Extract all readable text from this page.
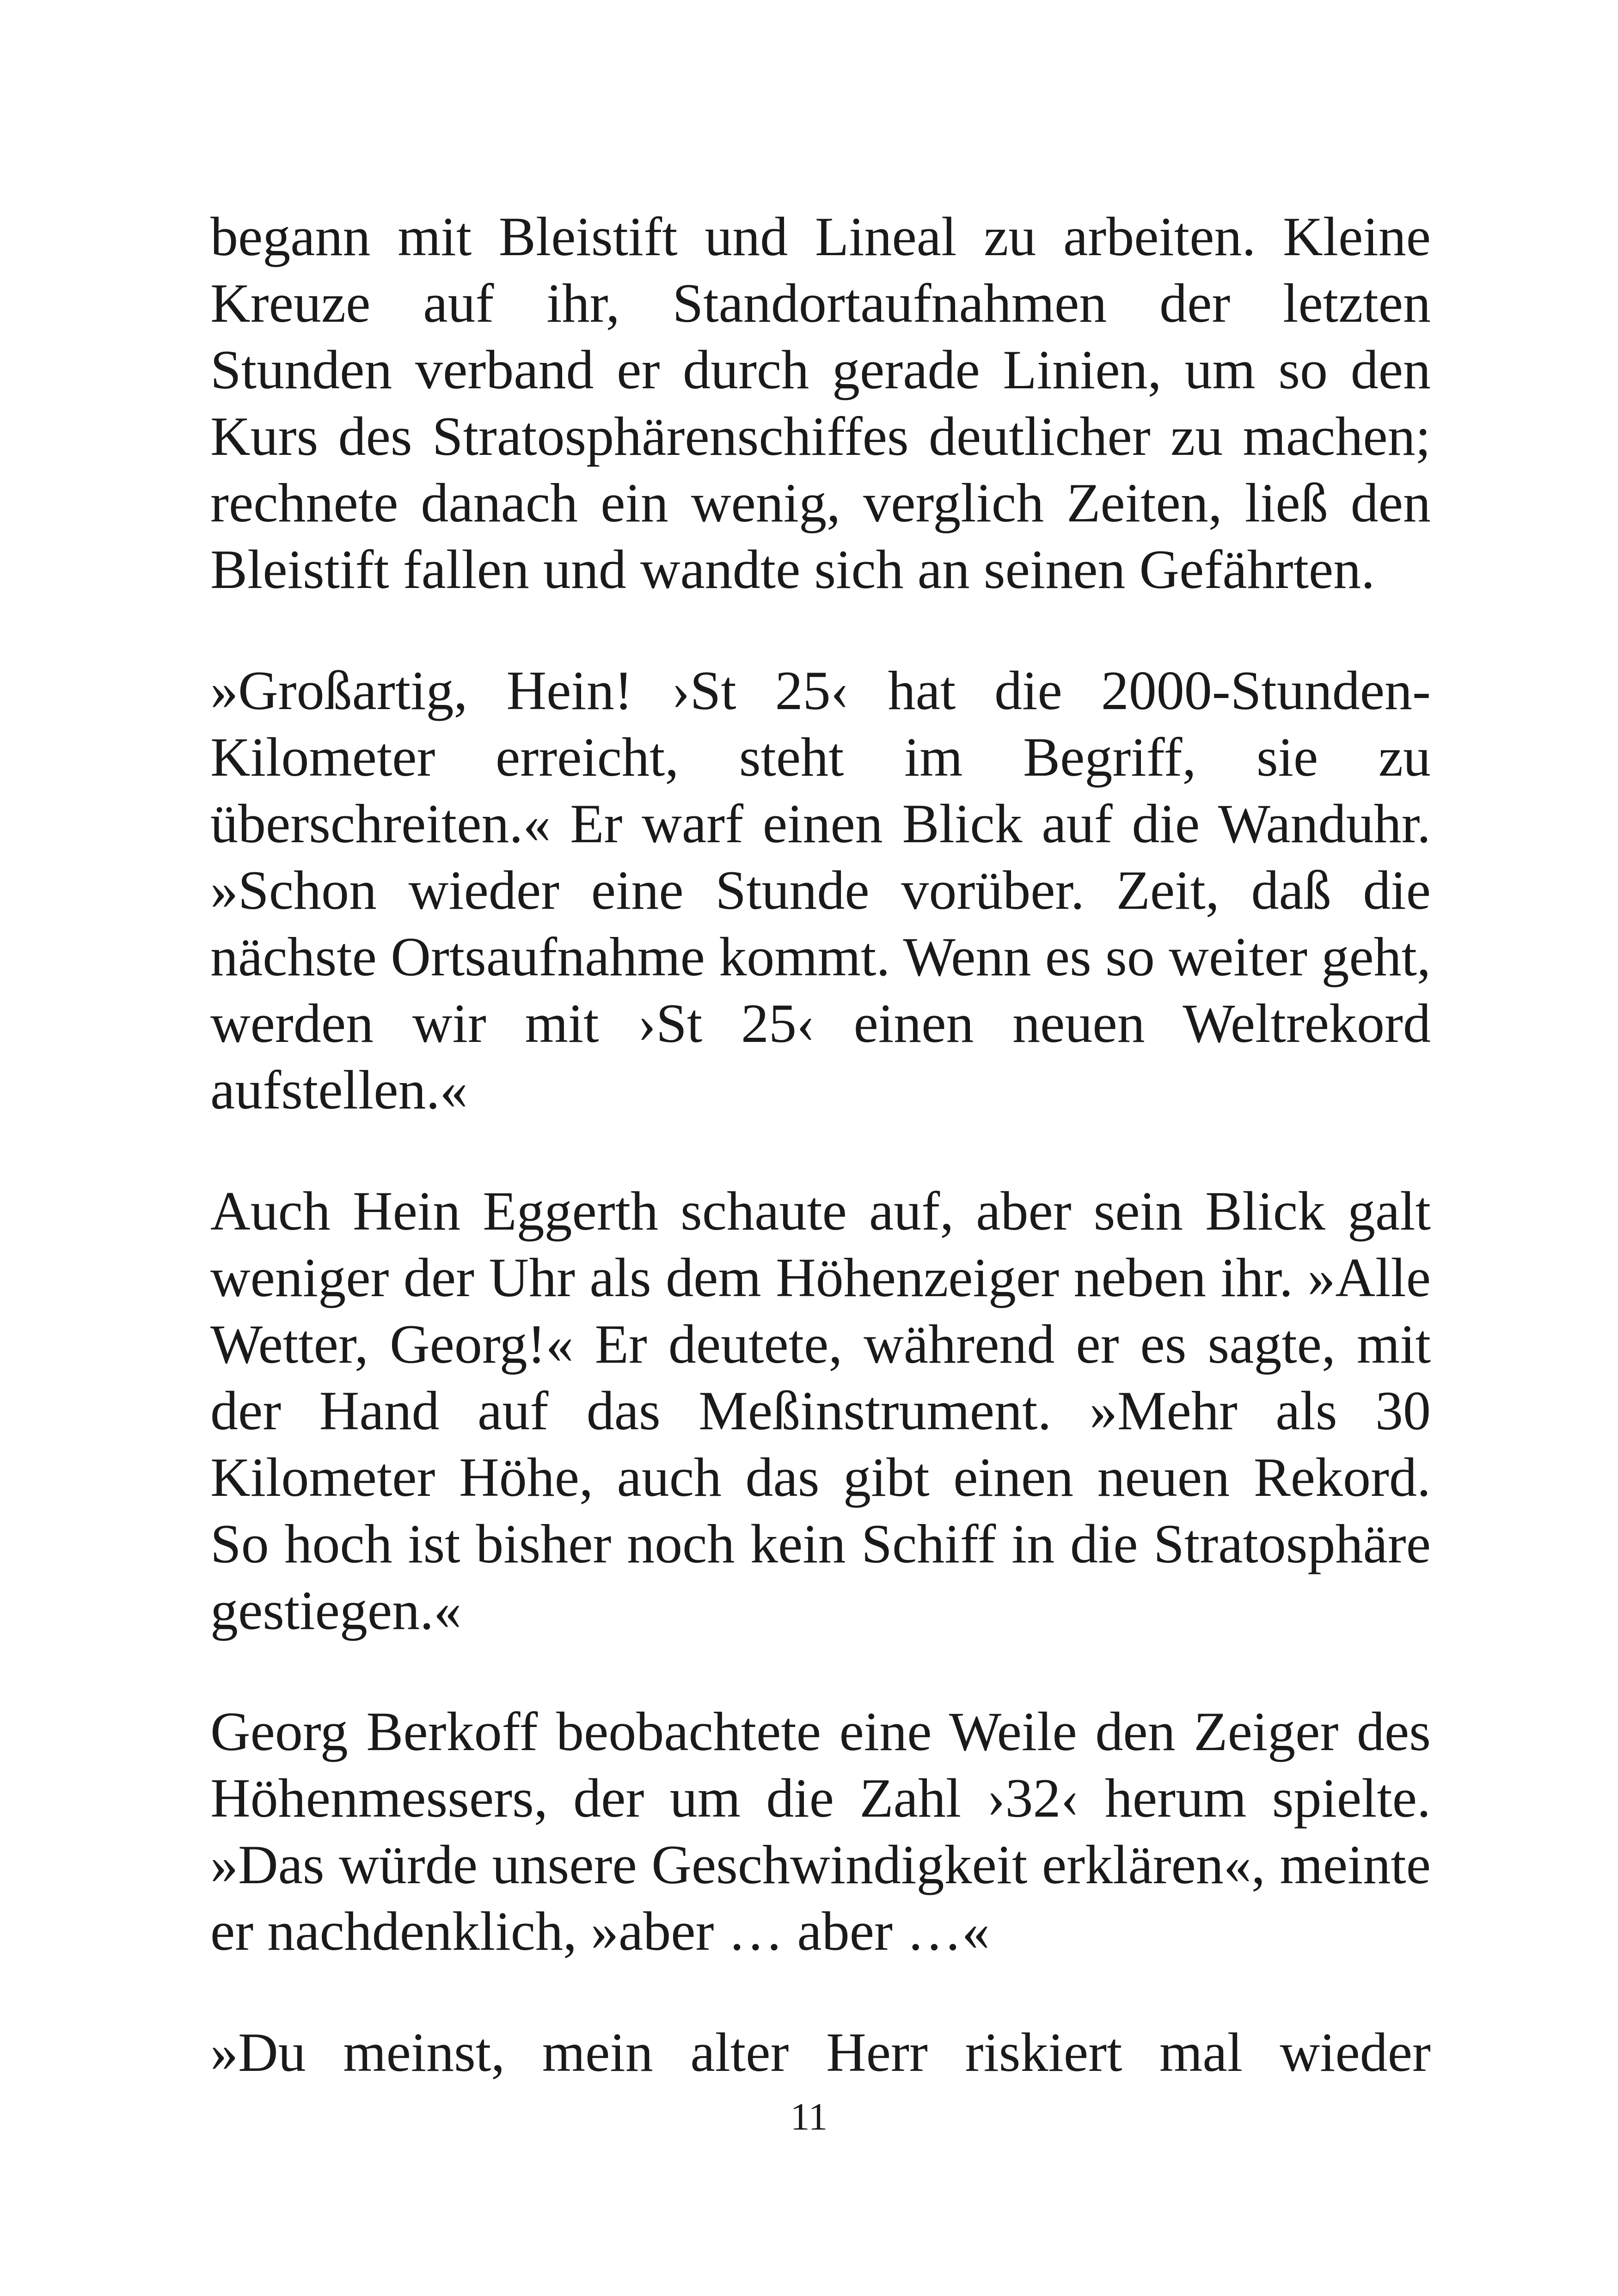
begann mit Bleistift und Lineal zu arbeiten. Kleine Kreuze auf ihr, Standortaufnahmen der letzten Stunden verband er durch gerade Linien, um so den Kurs des Stratosphärenschiffes deutlicher zu machen; rechnete danach ein wenig, verglich Zeiten, ließ den Bleistift fallen und wandte sich an seinen Gefährten.

»Großartig, Hein! ›St 25‹ hat die 2000-Stunden-Kilometer erreicht, steht im Begriff, sie zu überschreiten.« Er warf einen Blick auf die Wanduhr. »Schon wieder eine Stunde vorüber. Zeit, daß die nächste Ortsaufnahme kommt. Wenn es so weiter geht, werden wir mit ›St 25‹ einen neuen Weltrekord aufstellen.«

Auch Hein Eggerth schaute auf, aber sein Blick galt weniger der Uhr als dem Höhenzeiger neben ihr. »Alle Wetter, Georg!« Er deutete, während er es sagte, mit der Hand auf das Meßinstrument. »Mehr als 30 Kilometer Höhe, auch das gibt einen neuen Rekord. So hoch ist bisher noch kein Schiff in die Stratosphäre gestiegen.«

Georg Berkoff beobachtete eine Weile den Zeiger des Höhenmessers, der um die Zahl ›32‹ herum spielte. »Das würde unsere Geschwindigkeit erklären«, meinte er nachdenklich, »aber … aber …«

»Du meinst, mein alter Herr riskiert mal wieder

11
